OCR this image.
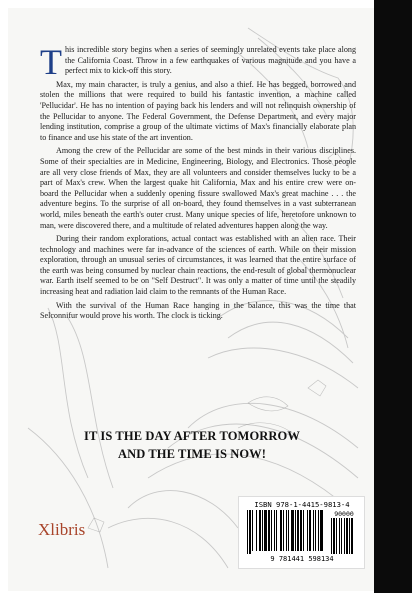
This incredible story begins when a series of seemingly unrelated events take place along the California Coast. Throw in a few earthquakes of various magnitude and you have a perfect mix to kick-off this story.

Max, my main character, is truly a genius, and also a thief. He has begged, borrowed and stolen the millions that were required to build his fantastic invention, a machine called 'Pellucidar'. He has no intention of paying back his lenders and will not relinquish ownership of the Pellucidar to anyone. The Federal Government, the Defense Department, and every major lending institution, comprise a group of the ultimate victims of Max's financially elaborate plan to finance and use his state of the art invention.

Among the crew of the Pellucidar are some of the best minds in their various disciplines. Some of their specialties are in Medicine, Engineering, Biology, and Electronics. Those people are all very close friends of Max, they are all volunteers and consider themselves lucky to be a part of Max's crew. When the largest quake hit California, Max and his entire crew were on-board the Pellucidar when a suddenly opening fissure swallowed Max's great machine . . . the adventure begins. To the surprise of all on-board, they found themselves in a vast subterranean world, miles beneath the earth's outer crust. Many unique species of life, heretofore unknown to man, were discovered there, and a multitude of related adventures happen along the way.

During their random explorations, actual contact was established with an alien race. Their technology and machines were far in-advance of the sciences of earth. While on their mission exploration, through an unusual series of circumstances, it was learned that the entire surface of the earth was being consumed by nuclear chain reactions, the end-result of global thermonuclear war. Earth itself seemed to be on "Self Destruct". It was only a matter of time until the steadily increasing heat and radiation laid claim to the remnants of the Human Race.

With the survival of the Human Race hanging in the balance, this was the time that Selconnifur would prove his worth. The clock is ticking.

IT IS THE DAY AFTER TOMORROW
AND THE TIME IS NOW!
Xlibris
ISBN 978-1-4415-9813-4
90000
9 781441 598134
